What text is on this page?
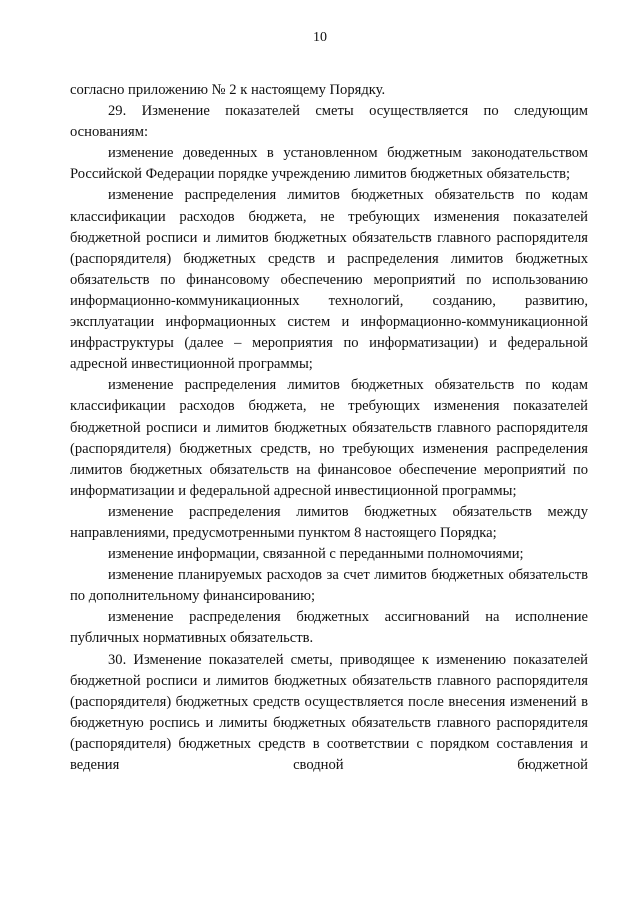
10

согласно приложению № 2 к настоящему Порядку.

29. Изменение показателей сметы осуществляется по следующим основаниям:

изменение доведенных в установленном бюджетным законодательством Российской Федерации порядке учреждению лимитов бюджетных обязательств;

изменение распределения лимитов бюджетных обязательств по кодам классификации расходов бюджета, не требующих изменения показателей бюджетной росписи и лимитов бюджетных обязательств главного распорядителя (распорядителя) бюджетных средств и распределения лимитов бюджетных обязательств по финансовому обеспечению мероприятий по использованию информационно-коммуникационных технологий, созданию, развитию, эксплуатации информационных систем и информационно-коммуникационной инфраструктуры (далее – мероприятия по информатизации) и федеральной адресной инвестиционной программы;

изменение распределения лимитов бюджетных обязательств по кодам классификации расходов бюджета, не требующих изменения показателей бюджетной росписи и лимитов бюджетных обязательств главного распорядителя (распорядителя) бюджетных средств, но требующих изменения распределения лимитов бюджетных обязательств на финансовое обеспечение мероприятий по информатизации и федеральной адресной инвестиционной программы;

изменение распределения лимитов бюджетных обязательств между направлениями, предусмотренными пунктом 8 настоящего Порядка;

изменение информации, связанной с переданными полномочиями;

изменение планируемых расходов за счет лимитов бюджетных обязательств по дополнительному финансированию;

изменение распределения бюджетных ассигнований на исполнение публичных нормативных обязательств.

30. Изменение показателей сметы, приводящее к изменению показателей бюджетной росписи и лимитов бюджетных обязательств главного распорядителя (распорядителя) бюджетных средств осуществляется после внесения изменений в бюджетную роспись и лимиты бюджетных обязательств главного распорядителя (распорядителя) бюджетных средств в соответствии с порядком составления и ведения сводной бюджетной
